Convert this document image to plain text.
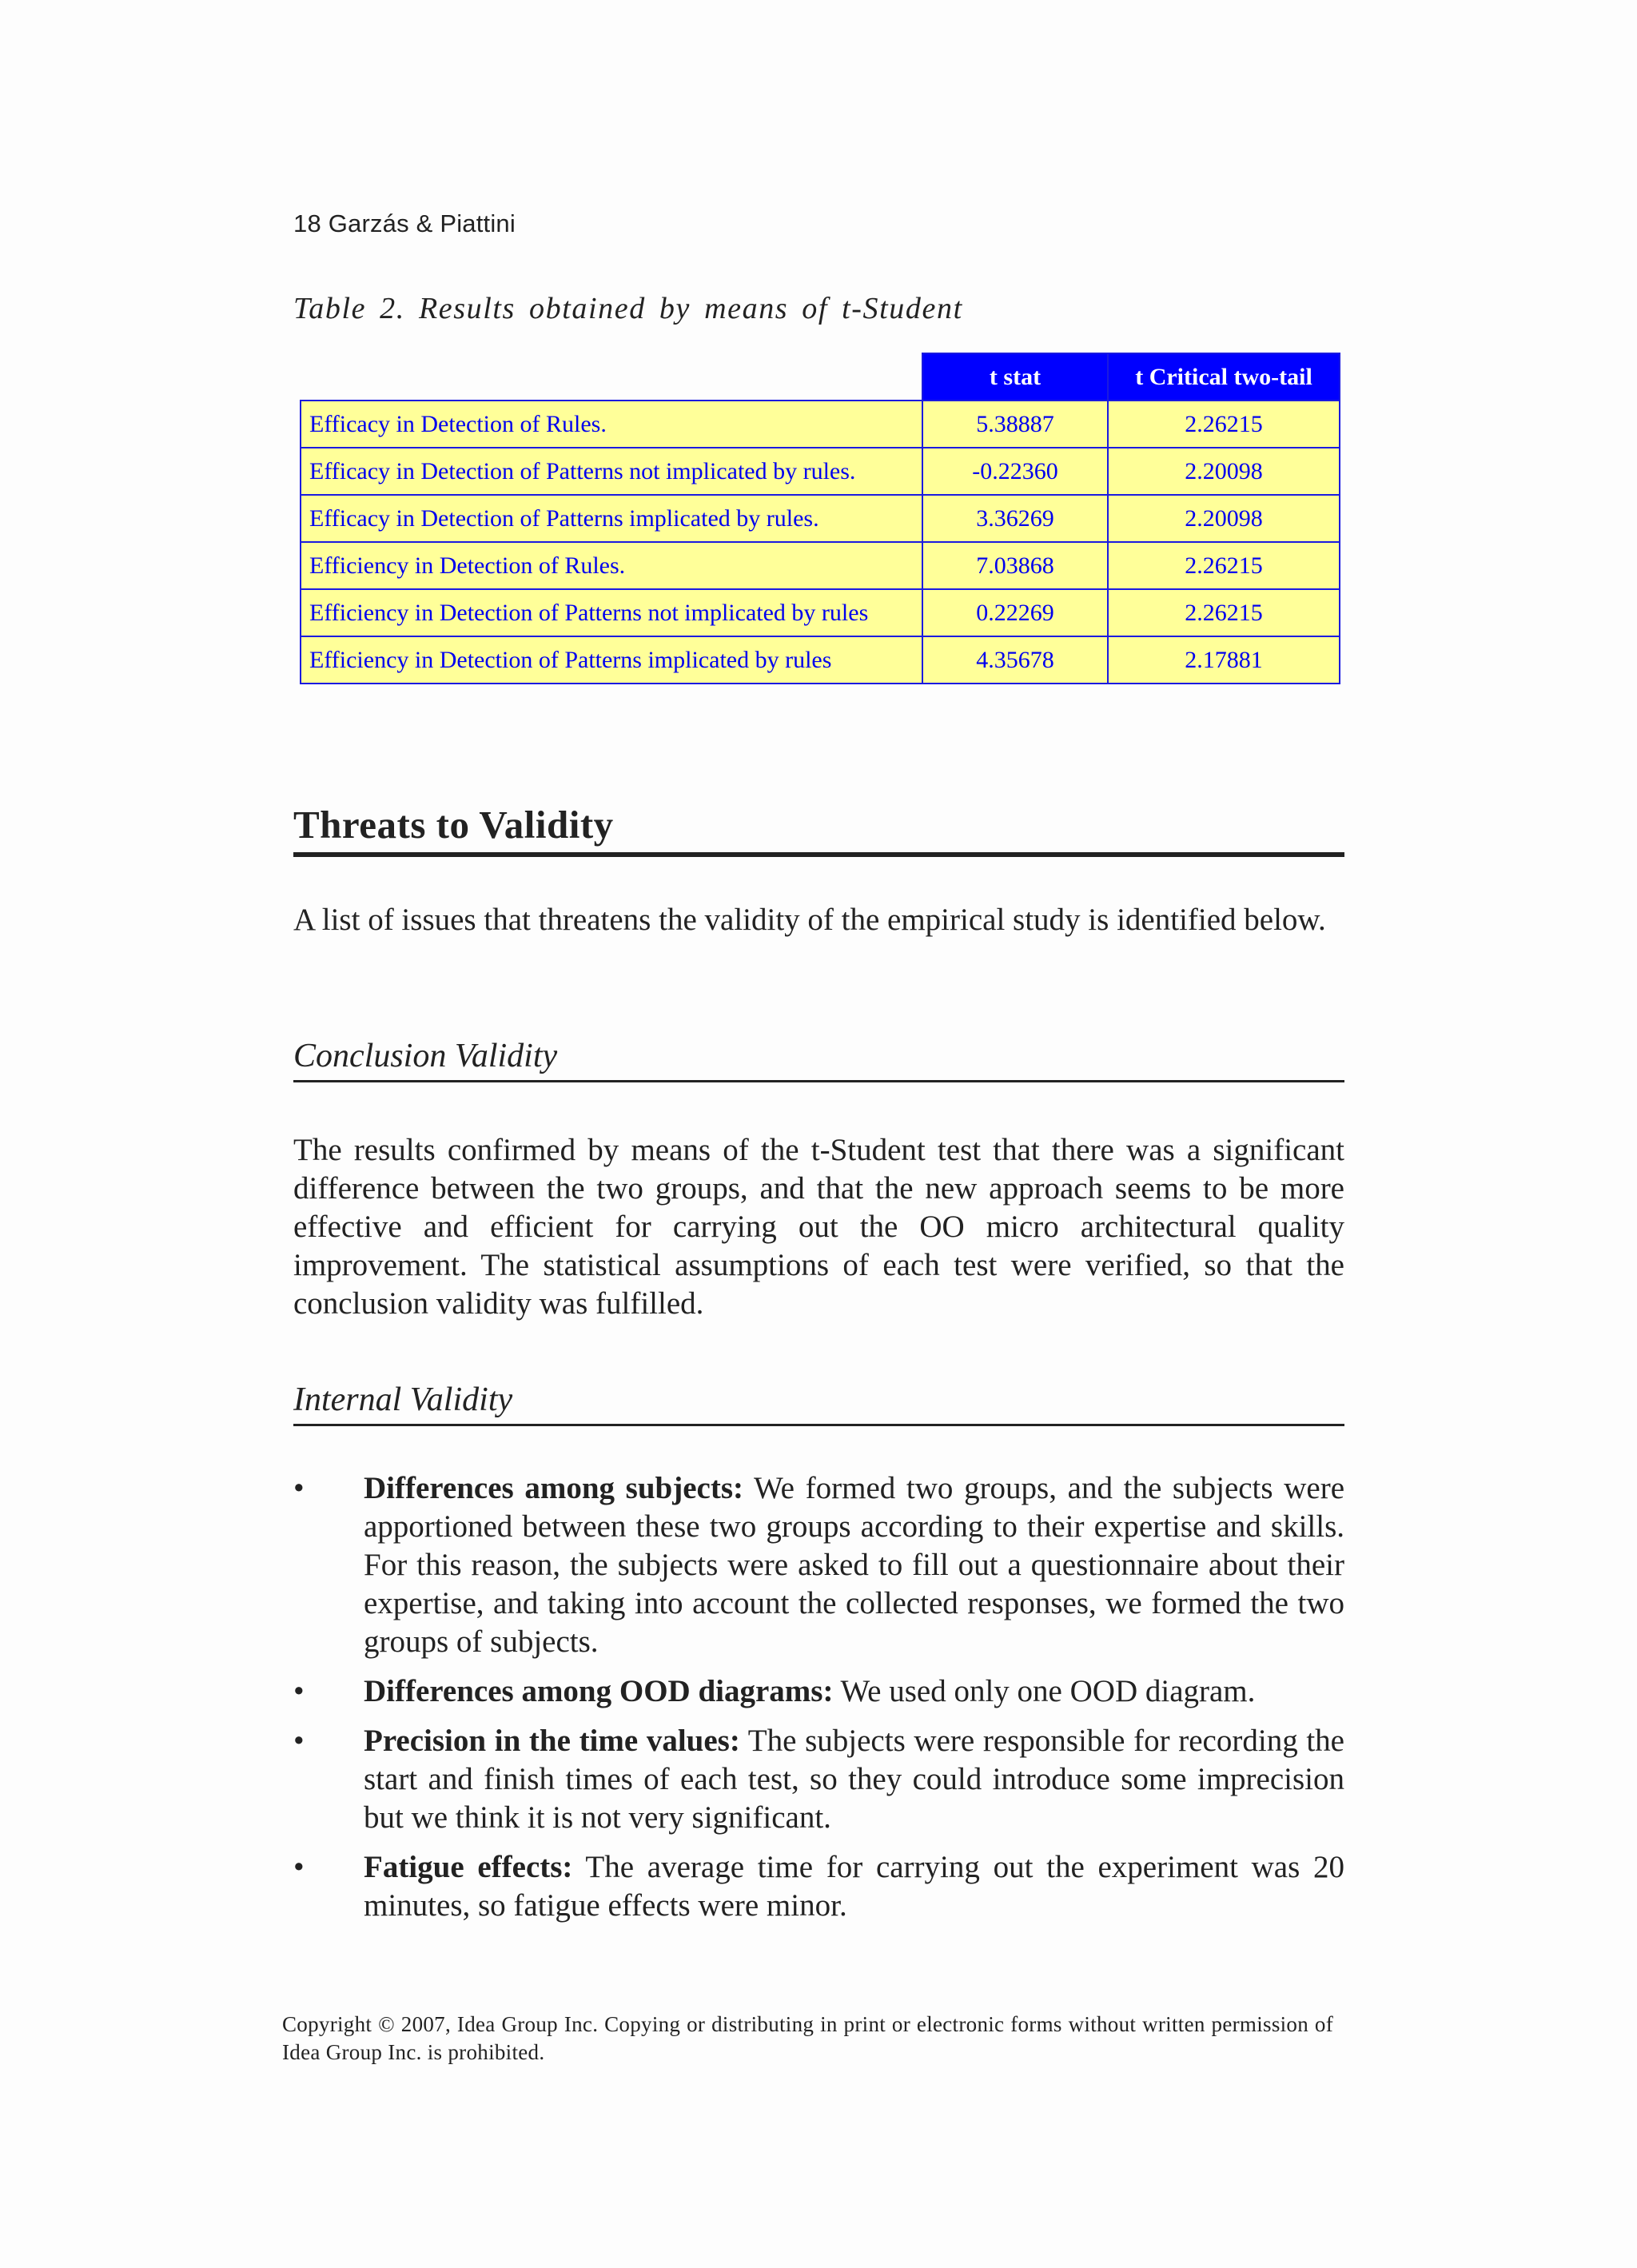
18 Garzás & Piattini
Table 2. Results obtained by means of t-Student
	t stat	t Critical two-tail
Efficacy in Detection of Rules.	5.38887	2.26215
Efficacy in Detection of Patterns not implicated by rules.	-0.22360	2.20098
Efficacy in Detection of Patterns implicated by rules.	3.36269	2.20098
Efficiency in Detection of Rules.	7.03868	2.26215
Efficiency in Detection of Patterns not implicated by rules	0.22269	2.26215
Efficiency in Detection of Patterns implicated by rules	4.35678	2.17881
Threats to Validity
A list of issues that threatens the validity of the empirical study is identified below.
Conclusion Validity
The results confirmed by means of the t-Student test that there was a significant difference between the two groups, and that the new approach seems to be more effective and efficient for carrying out the OO micro architectural quality improvement. The statistical assumptions of each test were verified, so that the conclusion validity was fulfilled.
Internal Validity
•	Differences among subjects: We formed two groups, and the subjects were apportioned between these two groups according to their expertise and skills. For this reason, the subjects were asked to fill out a questionnaire about their expertise, and taking into account the collected responses, we formed the two groups of subjects.
•	Differences among OOD diagrams: We used only one OOD diagram.
•	Precision in the time values: The subjects were responsible for recording the start and finish times of each test, so they could introduce some imprecision but we think it is not very significant.
•	Fatigue effects: The average time for carrying out the experiment was 20 minutes, so fatigue effects were minor.
Copyright © 2007, Idea Group Inc. Copying or distributing in print or electronic forms without written permission of Idea Group Inc. is prohibited.
